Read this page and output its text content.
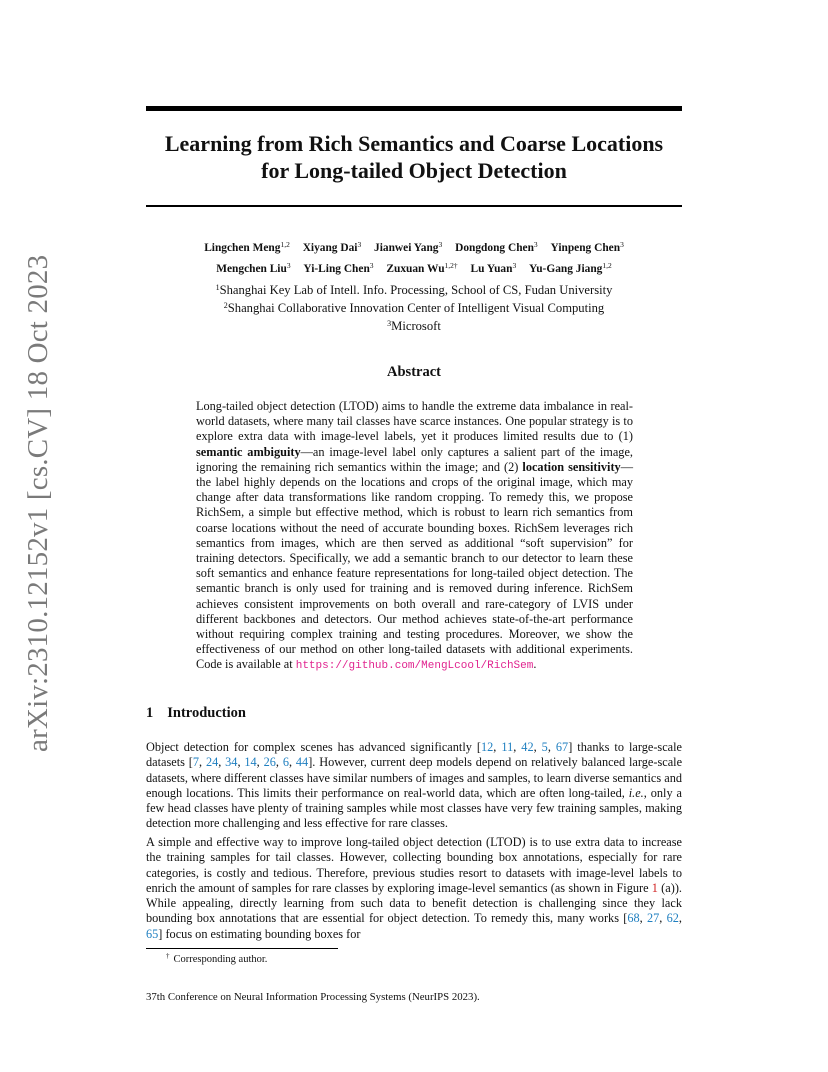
arXiv:2310.12152v1 [cs.CV] 18 Oct 2023
Learning from Rich Semantics and Coarse Locations
for Long-tailed Object Detection
Lingchen Meng$^{1,2}$ Xiyang Dai$^3$ Jianwei Yang$^3$ Dongdong Chen$^3$ Yinpeng Chen$^3$
Mengchen Liu$^3$ Yi-Ling Chen$^3$ Zuxuan $Wu^{1,2\dagger}$ Lu Yuan$^3$ Yu-Gang Jiang$^{1,2}$
$^1$Shanghai Key Lab of Intell. Info. Processing, School of CS, Fudan University
$^2$Shanghai Collaborative Innovation Center of Intelligent Visual Computing
$^3$Microsoft
Abstract
Long-tailed object detection (LTOD) aims to handle the extreme data imbalance in real-world datasets, where many tail classes have scarce instances. One popular strategy is to explore extra data with image-level labels, yet it produces limited results due to (1) semantic ambiguity—an image-level label only captures a salient part of the image, ignoring the remaining rich semantics within the image; and (2) location sensitivity—the label highly depends on the locations and crops of the original image, which may change after data transformations like random cropping. To remedy this, we propose RichSem, a simple but effective method, which is robust to learn rich semantics from coarse locations without the need of accurate bounding boxes. RichSem leverages rich semantics from images, which are then served as additional “soft supervision” for training detectors. Specifically, we add a semantic branch to our detector to learn these soft semantics and enhance feature representations for long-tailed object detection. The semantic branch is only used for training and is removed during inference. RichSem achieves consistent improvements on both overall and rare-category of LVIS under different backbones and detectors. Our method achieves state-of-the-art performance without requiring complex training and testing procedures. Moreover, we show the effectiveness of our method on other long-tailed datasets with additional experiments. Code is available at https://github.com/MengLcool/RichSem.
1 Introduction
Object detection for complex scenes has advanced significantly [12, 11, 42, 5, 67] thanks to large-scale datasets [7, 24, 34, 14, 26, 6, 44]. However, current deep models depend on relatively balanced large-scale datasets, where different classes have similar numbers of images and samples, to learn diverse semantics and enough locations. This limits their performance on real-world data, which are often long-tailed, i.e., only a few head classes have plenty of training samples while most classes have very few training samples, making detection more challenging and less effective for rare classes.
A simple and effective way to improve long-tailed object detection (LTOD) is to use extra data to increase the training samples for tail classes. However, collecting bounding box annotations, especially for rare categories, is costly and tedious. Therefore, previous studies resort to datasets with image-level labels to enrich the amount of samples for rare classes by exploring image-level semantics (as shown in Figure 1 (a)). While appealing, directly learning from such data to benefit detection is challenging since they lack bounding box annotations that are essential for object detection. To remedy this, many works [68, 27, 62, 65] focus on estimating bounding boxes for
† Corresponding author.
37th Conference on Neural Information Processing Systems (NeurIPS 2023).
